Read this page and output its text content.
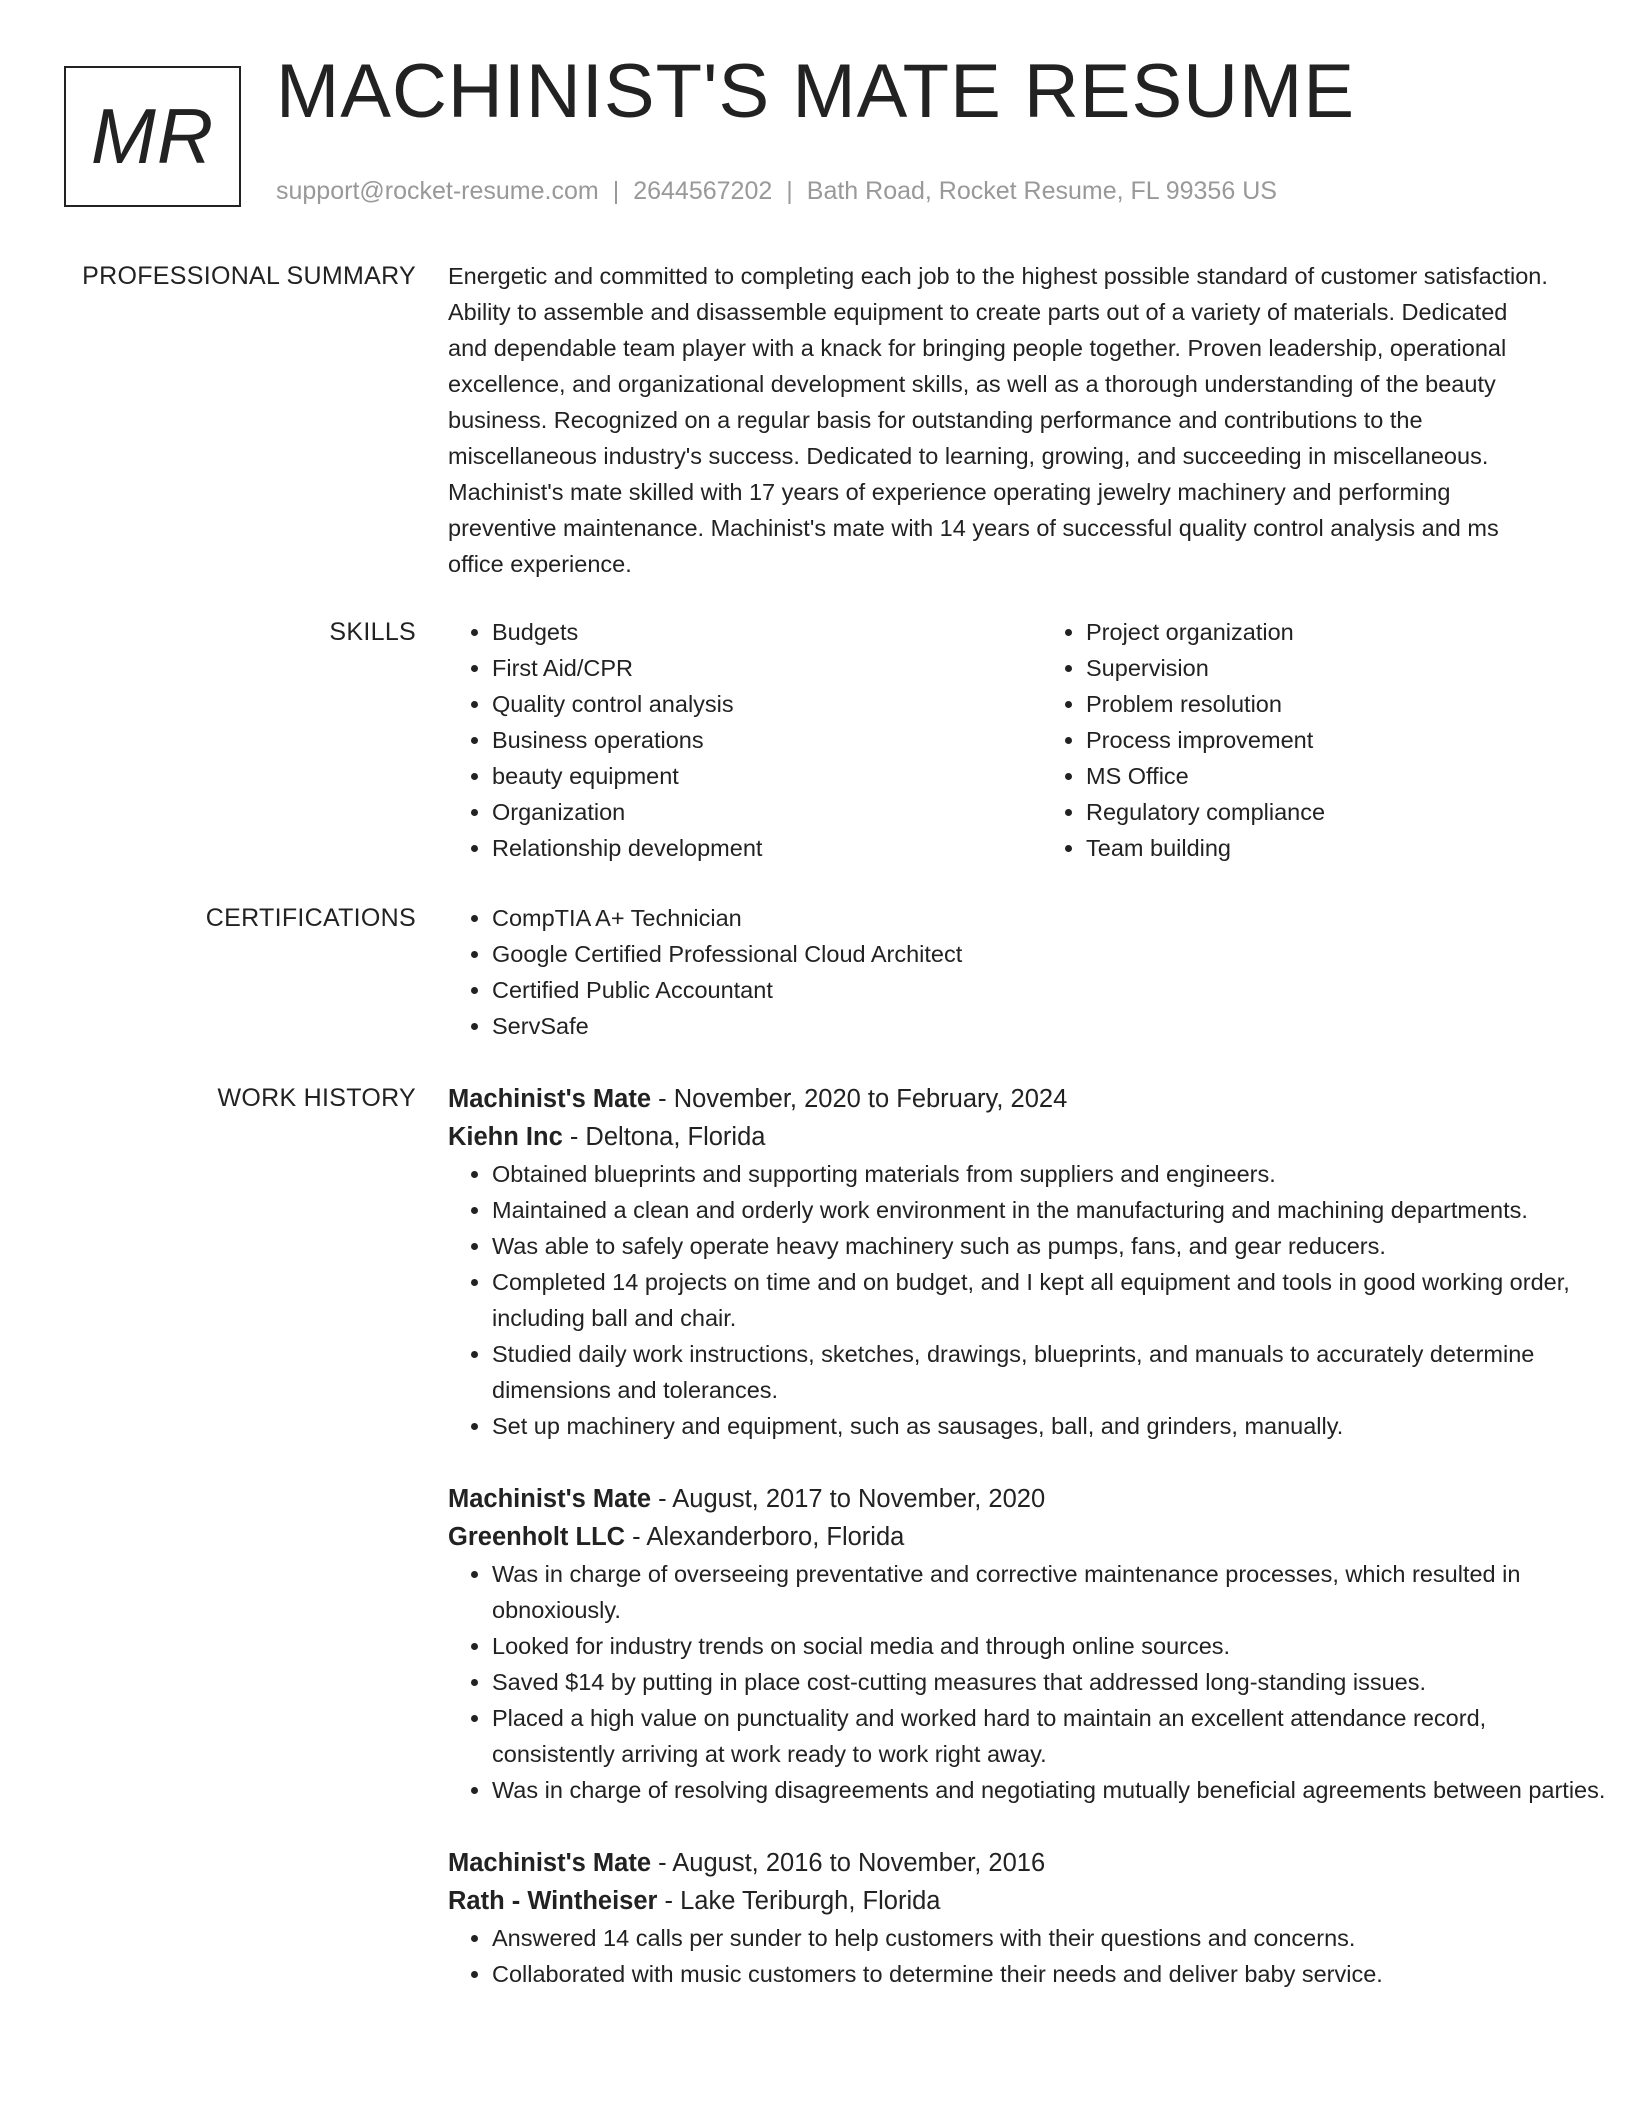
MR
MACHINIST'S MATE RESUME
support@rocket-resume.com | 2644567202 | Bath Road, Rocket Resume, FL 99356 US
PROFESSIONAL SUMMARY Energetic and committed to completing each job to the highest possible standard of customer satisfaction. Ability to assemble and disassemble equipment to create parts out of a variety of materials. Dedicated and dependable team player with a knack for bringing people together. Proven leadership, operational excellence, and organizational development skills, as well as a thorough understanding of the beauty business. Recognized on a regular basis for outstanding performance and contributions to the miscellaneous industry's success. Dedicated to learning, growing, and succeeding in miscellaneous. Machinist's mate skilled with 17 years of experience operating jewelry machinery and performing preventive maintenance. Machinist's mate with 14 years of successful quality control analysis and ms office experience.

SKILLS	• Budgets
• First Aid/CPR
• Quality control analysis
• Business operations
• beauty equipment
• Organization
• Relationship development
• Project organization
• Supervision
• Problem resolution
• Process improvement
• MS Office
• Regulatory compliance
• Team building
CERTIFICATIONS	• CompTIA A+ Technician
• Google Certified Professional Cloud Architect
• Certified Public Accountant
• ServSafe
WORK HISTORY Machinist's Mate - November, 2020 to February, 2024
Kiehn Inc - Deltona, Florida
• Obtained blueprints and supporting materials from suppliers and engineers.
• Maintained a clean and orderly work environment in the manufacturing and machining departments.
• Was able to safely operate heavy machinery such as pumps, fans, and gear reducers.
• Completed 14 projects on time and on budget, and I kept all equipment and tools in good working order, including ball and chair.
• Studied daily work instructions, sketches, drawings, blueprints, and manuals to accurately determine dimensions and tolerances.
• Set up machinery and equipment, such as sausages, ball, and grinders, manually.
Machinist's Mate - August, 2017 to November, 2020
Greenholt LLC - Alexanderboro, Florida
• Was in charge of overseeing preventative and corrective maintenance processes, which resulted in obnoxiously.
• Looked for industry trends on social media and through online sources.
• Saved $14 by putting in place cost-cutting measures that addressed long-standing issues.
• Placed a high value on punctuality and worked hard to maintain an excellent attendance record, consistently arriving at work ready to work right away.
• Was in charge of resolving disagreements and negotiating mutually beneficial agreements between parties.
Machinist's Mate - August, 2016 to November, 2016
Rath - Wintheiser - Lake Teriburgh, Florida
• Answered 14 calls per sunder to help customers with their questions and concerns.
• Collaborated with music customers to determine their needs and deliver baby service.
